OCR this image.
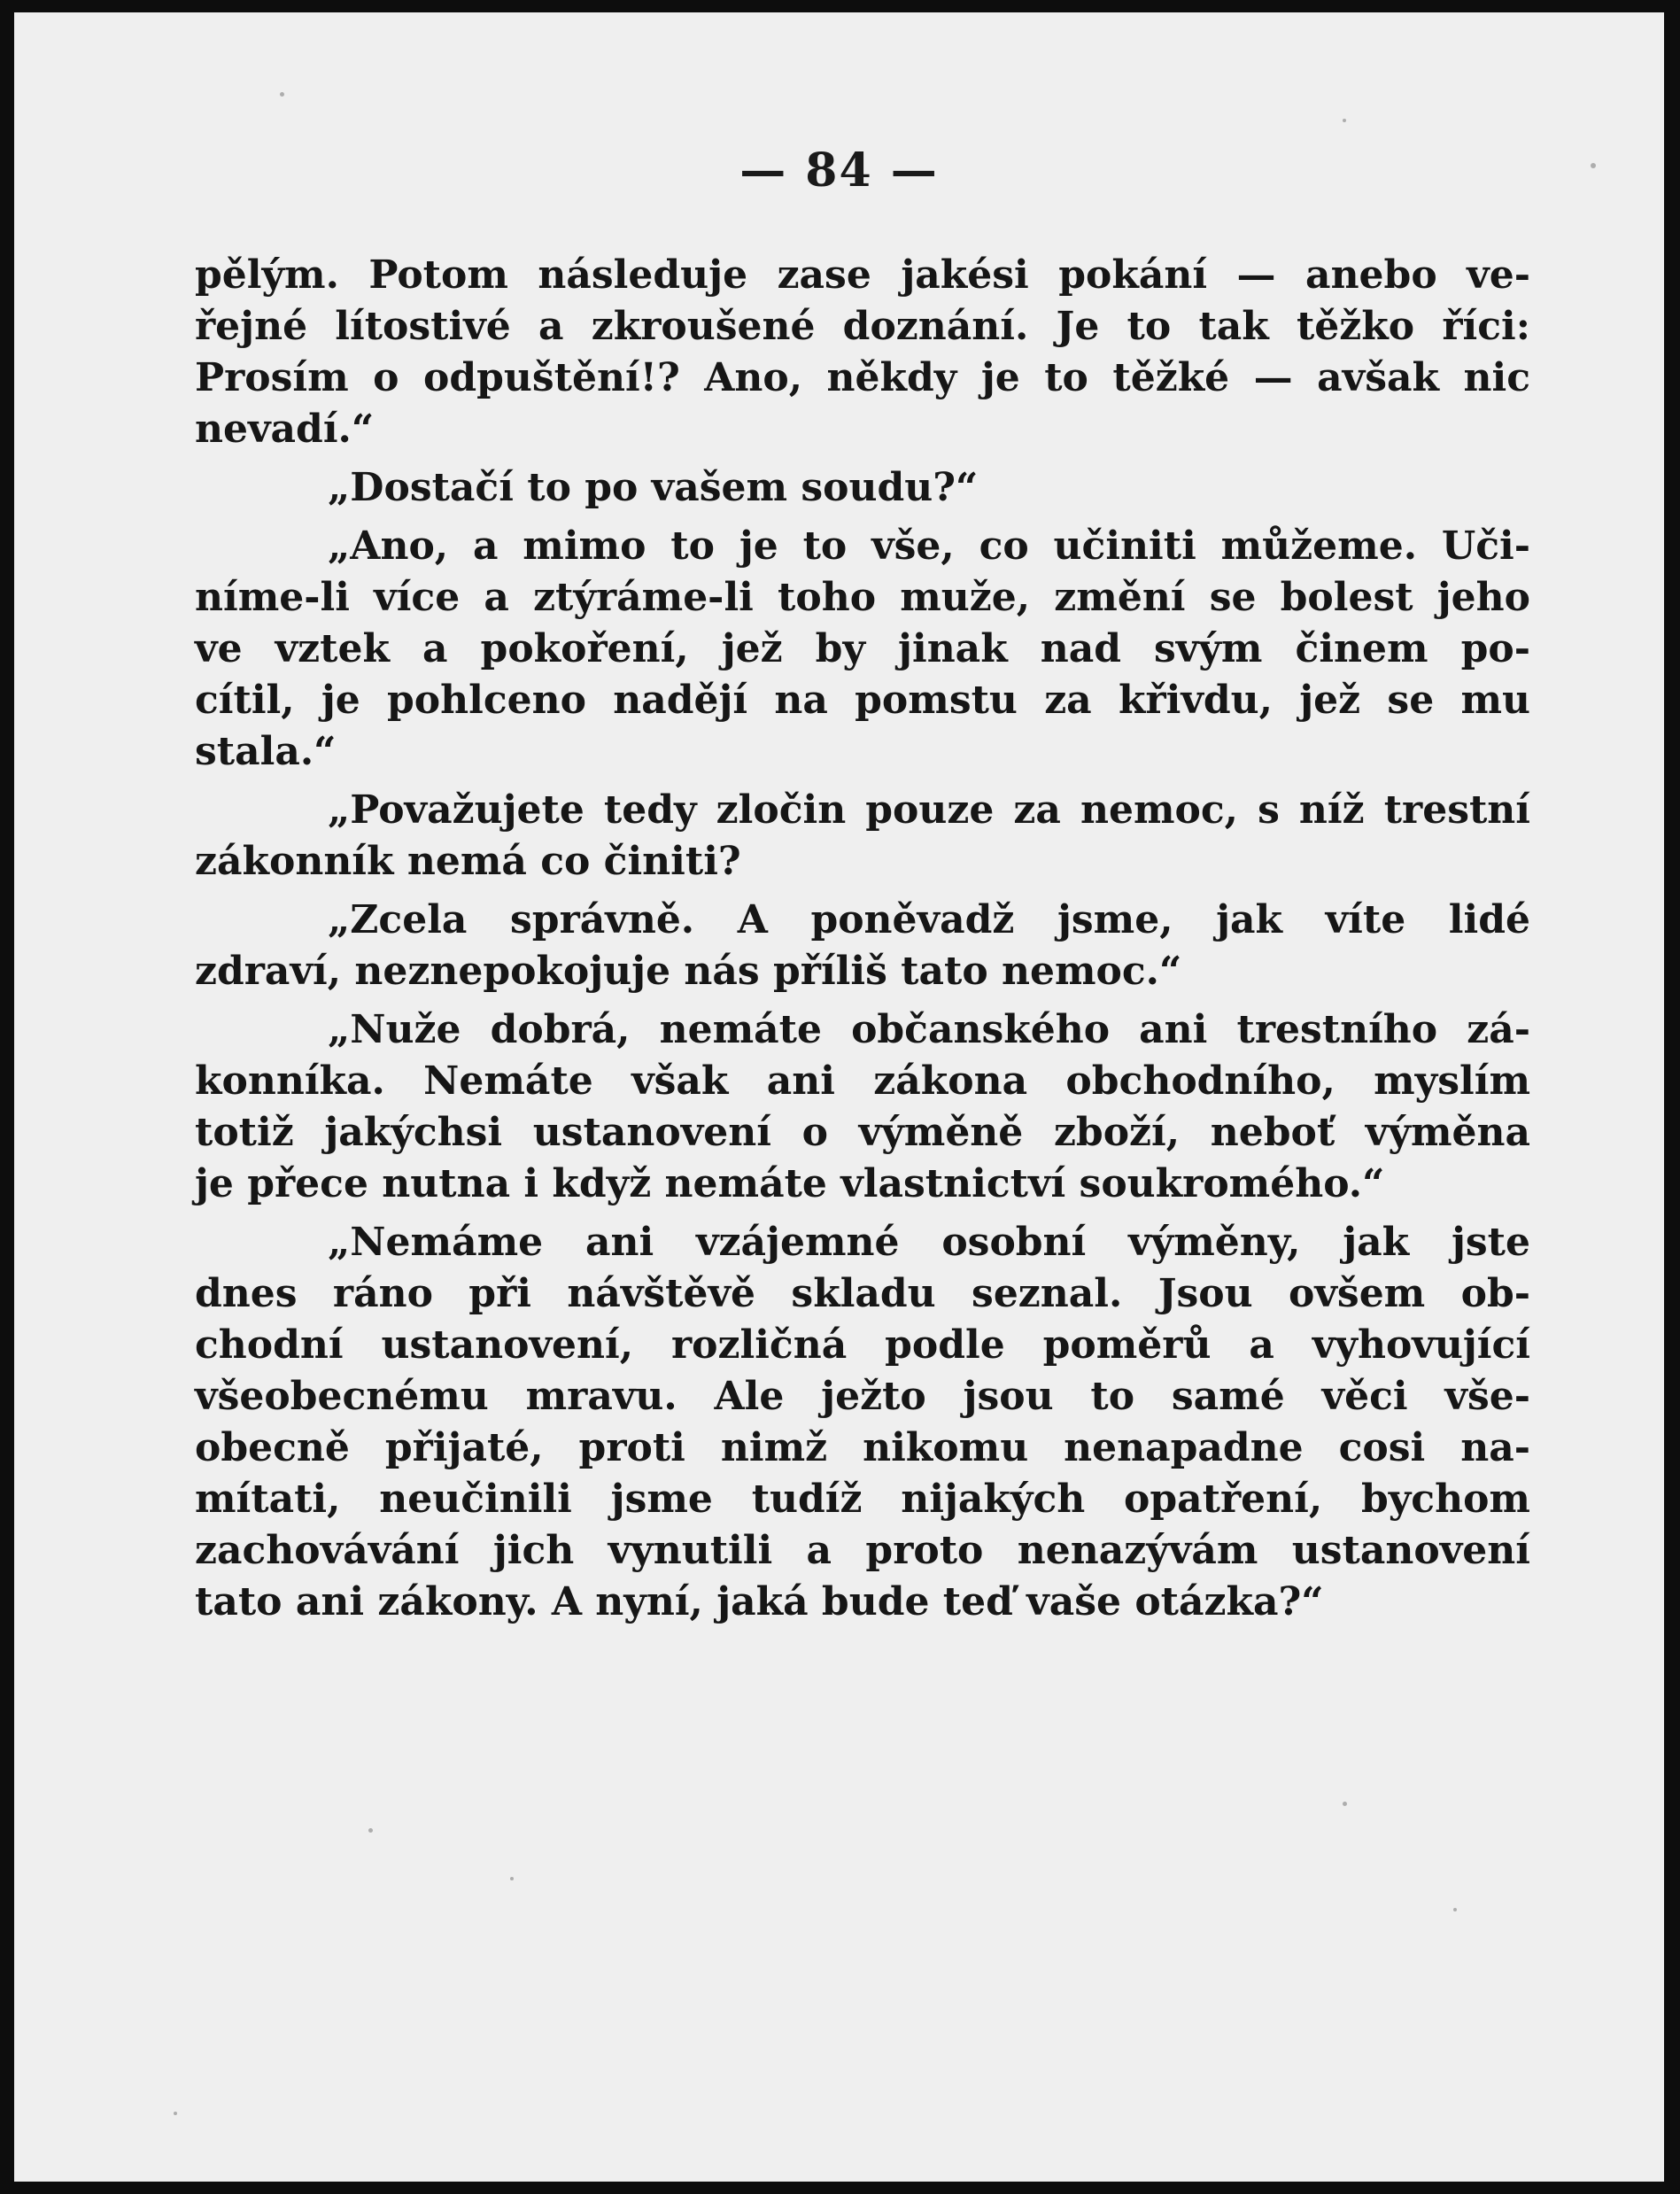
— 84 —
pělým. Potom následuje zase jakési pokání — anebo ve-
řejné lítostivé a zkroušené doznání. Je to tak těžko říci:
Prosím o odpuštění!? Ano, někdy je to těžké — avšak nic
nevadí.“
„Dostačí to po vašem soudu?“
„Ano, a mimo to je to vše, co učiniti můžeme. Uči-
níme-li více a ztýráme-li toho muže, změní se bolest jeho
ve vztek a pokoření, jež by jinak nad svým činem po-
cítil, je pohlceno nadějí na pomstu za křivdu, jež se mu
stala.“
„Považujete tedy zločin pouze za nemoc, s níž trestní
zákonník nemá co činiti?
„Zcela správně. A poněvadž jsme, jak víte lidé
zdraví, neznepokojuje nás příliš tato nemoc.“
„Nuže dobrá, nemáte občanského ani trestního zá-
konníka. Nemáte však ani zákona obchodního, myslím
totiž jakýchsi ustanovení o výměně zboží, neboť výměna
je přece nutna i když nemáte vlastnictví soukromého.“
„Nemáme ani vzájemné osobní výměny, jak jste
dnes ráno při návštěvě skladu seznal. Jsou ovšem ob-
chodní ustanovení, rozličná podle poměrů a vyhovující
všeobecnému mravu. Ale ježto jsou to samé věci vše-
obecně přijaté, proti nimž nikomu nenapadne cosi na-
mítati, neučinili jsme tudíž nijakých opatření, bychom
zachovávání jich vynutili a proto nenazývám ustanovení
tato ani zákony. A nyní, jaká bude teď vaše otázka?“
